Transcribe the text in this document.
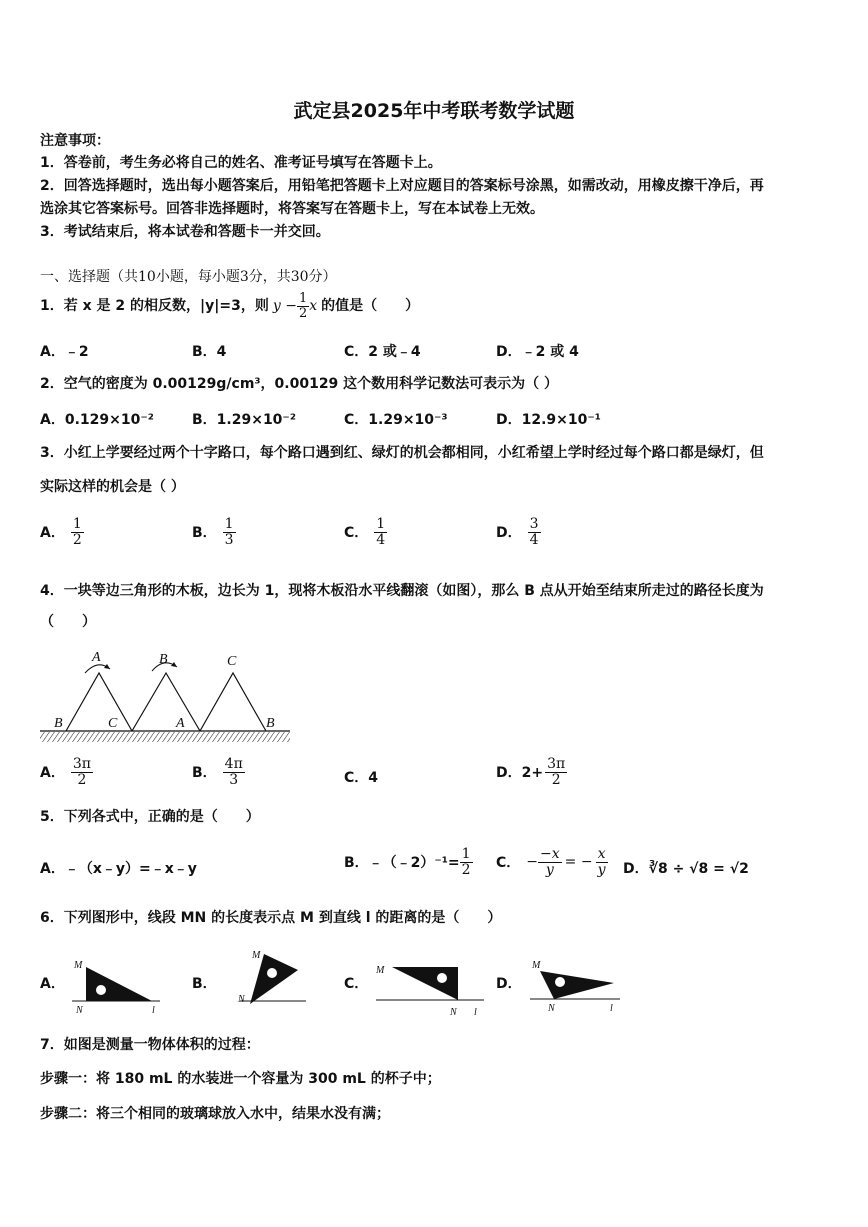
武定县2025年中考联考数学试题
注意事项：
1．答卷前，考生务必将自己的姓名、准考证号填写在答题卡上。
2．回答选择题时，选出每小题答案后，用铅笔把答题卡上对应题目的答案标号涂黑，如需改动，用橡皮擦干净后，再
选涂其它答案标号。回答非选择题时，将答案写在答题卡上，写在本试卷上无效。
3．考试结束后，将本试卷和答题卡一并交回。
一、选择题（共10小题，每小题3分，共30分）
1．若 x 是 2 的相反数，|y|=3，则 $y - \frac{1}{2}$ x 的值是（　　）
A．﹣2	B．4	C．2 或﹣4	D．﹣2 或 4
2．空气的密度为 0.00129g/cm³，0.00129 这个数用科学记数法可表示为（ ）
A．0.129×10⁻²	B．1.29×10⁻²	C．1.29×10⁻³	D．12.9×10⁻¹
3．小红上学要经过两个十字路口，每个路口遇到红、绿灯的机会都相同，小红希望上学时经过每个路口都是绿灯，但
实际这样的机会是（ ）
A． $\frac{1}{2}$	B． $\frac{1}{3}$	C． $\frac{1}{4}$	D． $\frac{3}{4}$
4．一块等边三角形的木板，边长为 1，现将木板沿水平线翻滚（如图），那么 B 点从开始至结束所走过的路径长度为
（　　）
A
B	C
B	C
A	B
A． $\frac{3\pi}{2}$	B． $\frac{4\pi}{3}$	C．4	D．$2+ \frac{3\pi}{2}$
5．下列各式中，正确的是（　　）
A．﹣（x﹣y）=﹣x﹣y	B．﹣（﹣2）⁻¹= $\frac{1}{2}$ C． − $\frac{-x}{y}$ = − $\frac{x}{y}$ D．∛8 ÷ √8 = √2
6．下列图形中，线段 MN 的长度表示点 M 到直线 l 的距离的是（　　）
A．
M
N	l
B．
M
N
C．
M
N l
D．
M
N	l
7．如图是测量一物体体积的过程：
步骤一：将 180 mL 的水装进一个容量为 300 mL 的杯子中；
步骤二：将三个相同的玻璃球放入水中，结果水没有满；
